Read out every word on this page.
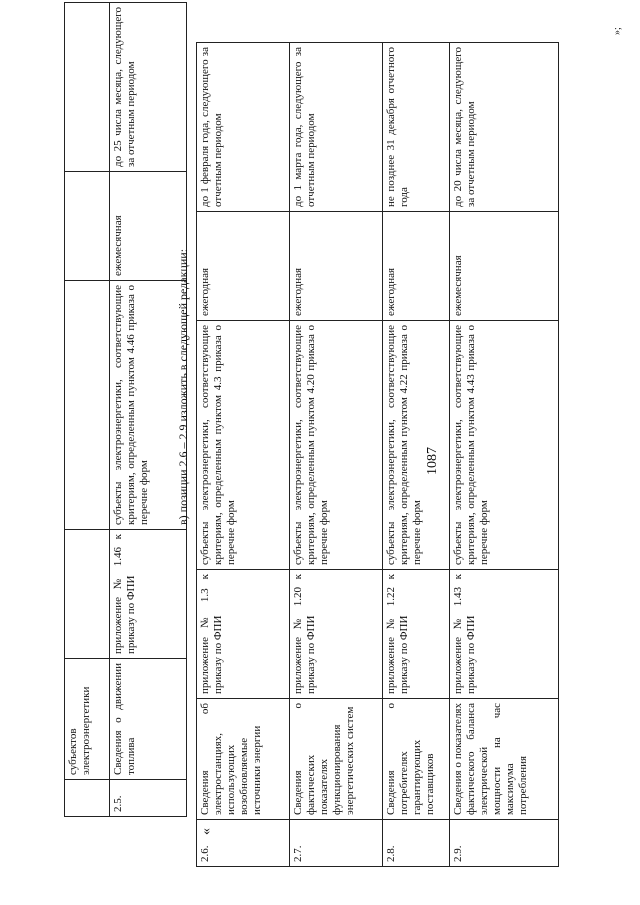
1087
	субъектов электроэнергетики				
2.5.	Сведения о движении топлива	приложение № 1.46 к приказу по ФПИ	субъекты электроэнергетики, соответствующие критериям, определенным пунктом 4.46 приказа о перечне форм	ежемесячная	до 25 числа месяца, следующего за отчетным периодом
в) позиции 2.6 – 2.9 изложить в следующей редакции:
«
2.6.	Сведения об электростанциях, использующих возобновляемые источники энергии	приложение № 1.3 к приказу по ФПИ	субъекты электроэнергетики, соответствующие критериям, определенным пунктом 4.3 приказа о перечне форм	ежегодная	до 1 февраля года, следующего за отчетным периодом
2.7.	Сведения о фактических показателях функционирования энергетических систем	приложение № 1.20 к приказу по ФПИ	субъекты электроэнергетики, соответствующие критериям, определенным пунктом 4.20 приказа о перечне форм	ежегодная	до 1 марта года, следующего за отчетным периодом
2.8.	Сведения о потребителях гарантирующих поставщиков	приложение № 1.22 к приказу по ФПИ	субъекты электроэнергетики, соответствующие критериям, определенным пунктом 4.22 приказа о перечне форм	ежегодная	не позднее 31 декабря отчетного года
2.9.	Сведения о показателях фактического баланса электрической мощности на час максимума потребления	приложение № 1.43 к приказу по ФПИ	субъекты электроэнергетики, соответствующие критериям, определенным пунктом 4.43 приказа о перечне форм	ежемесячная	до 20 числа месяца, следующего за отчетным периодом
»;
